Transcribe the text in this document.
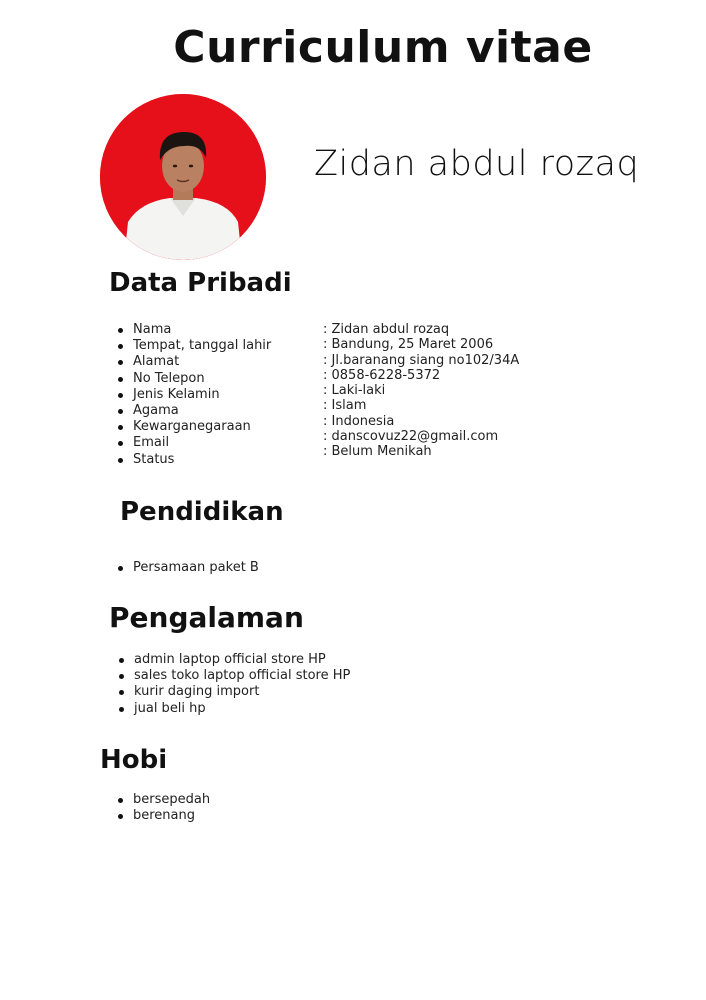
Curriculum vitae
Zidan abdul rozaq
Data Pribadi
Nama
Tempat, tanggal lahir
Alamat
No Telepon
Jenis Kelamin
Agama
Kewarganegaraan
Email
Status
: Zidan abdul rozaq
: Bandung, 25 Maret 2006
: Jl.baranang siang no102/34A
: 0858-6228-5372
: Laki-laki
: Islam
: Indonesia
: danscovuz22@gmail.com
: Belum Menikah
Pendidikan
Persamaan paket B
Pengalaman
admin laptop official store HP
sales toko laptop official store HP
kurir daging import
jual beli hp
Hobi
bersepedah
berenang
